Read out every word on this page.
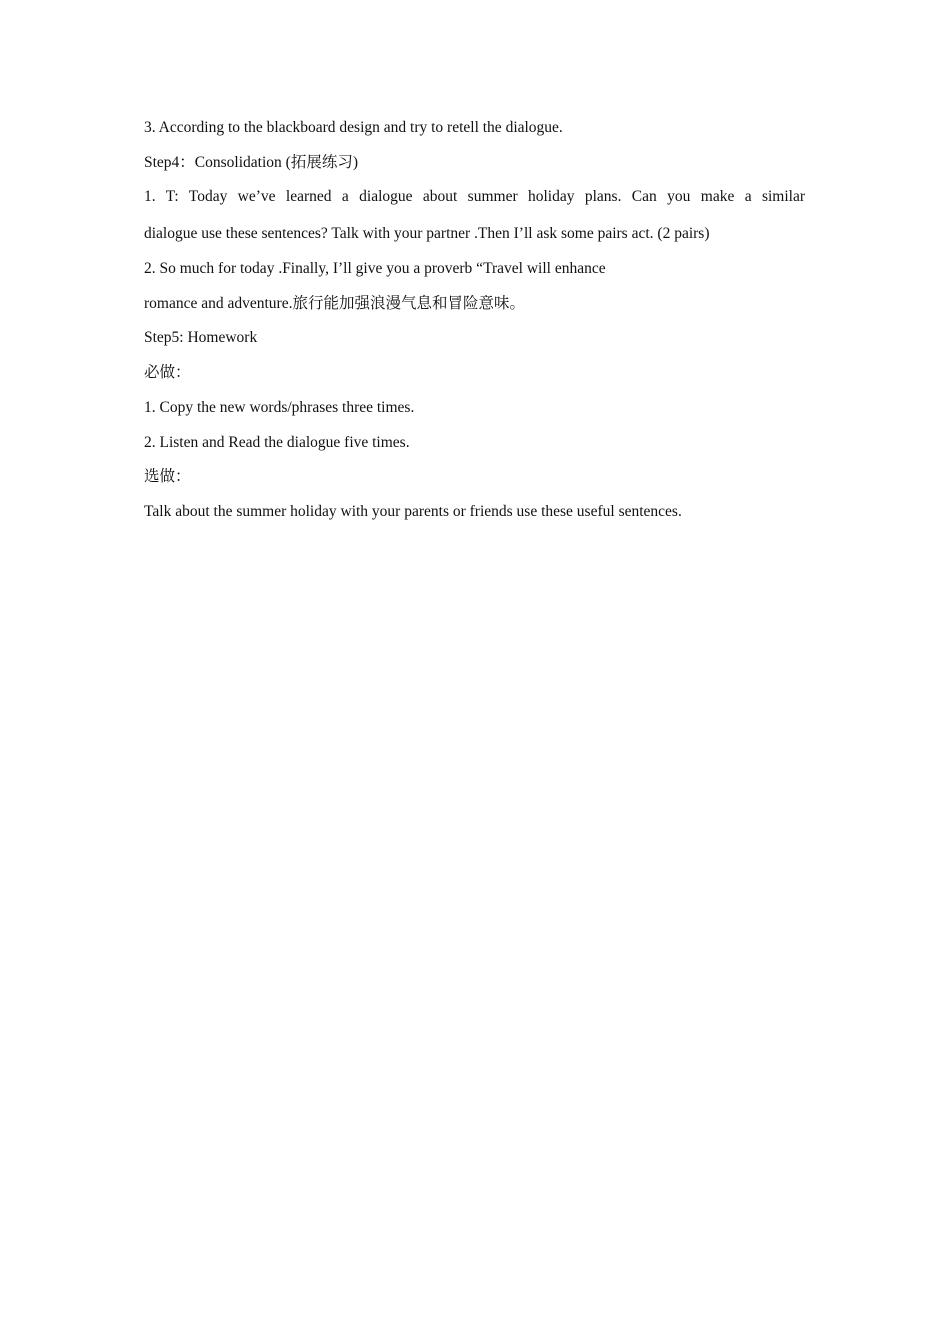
3. According to the blackboard design and try to retell the dialogue.
Step4：Consolidation (拓展练习)
1. T: Today we’ve learned a dialogue about summer holiday plans. Can you make a similar
dialogue use these sentences? Talk with your partner .Then I’ll ask some pairs act. (2 pairs)
2. So much for today .Finally, I’ll give you a proverb “Travel will enhance
romance and adventure.旅行能加强浪漫气息和冒险意味。
Step5: Homework
必做：
1. Copy the new words/phrases three times.
2. Listen and Read the dialogue five times.
选做：
Talk about the summer holiday with your parents or friends use these useful sentences.
